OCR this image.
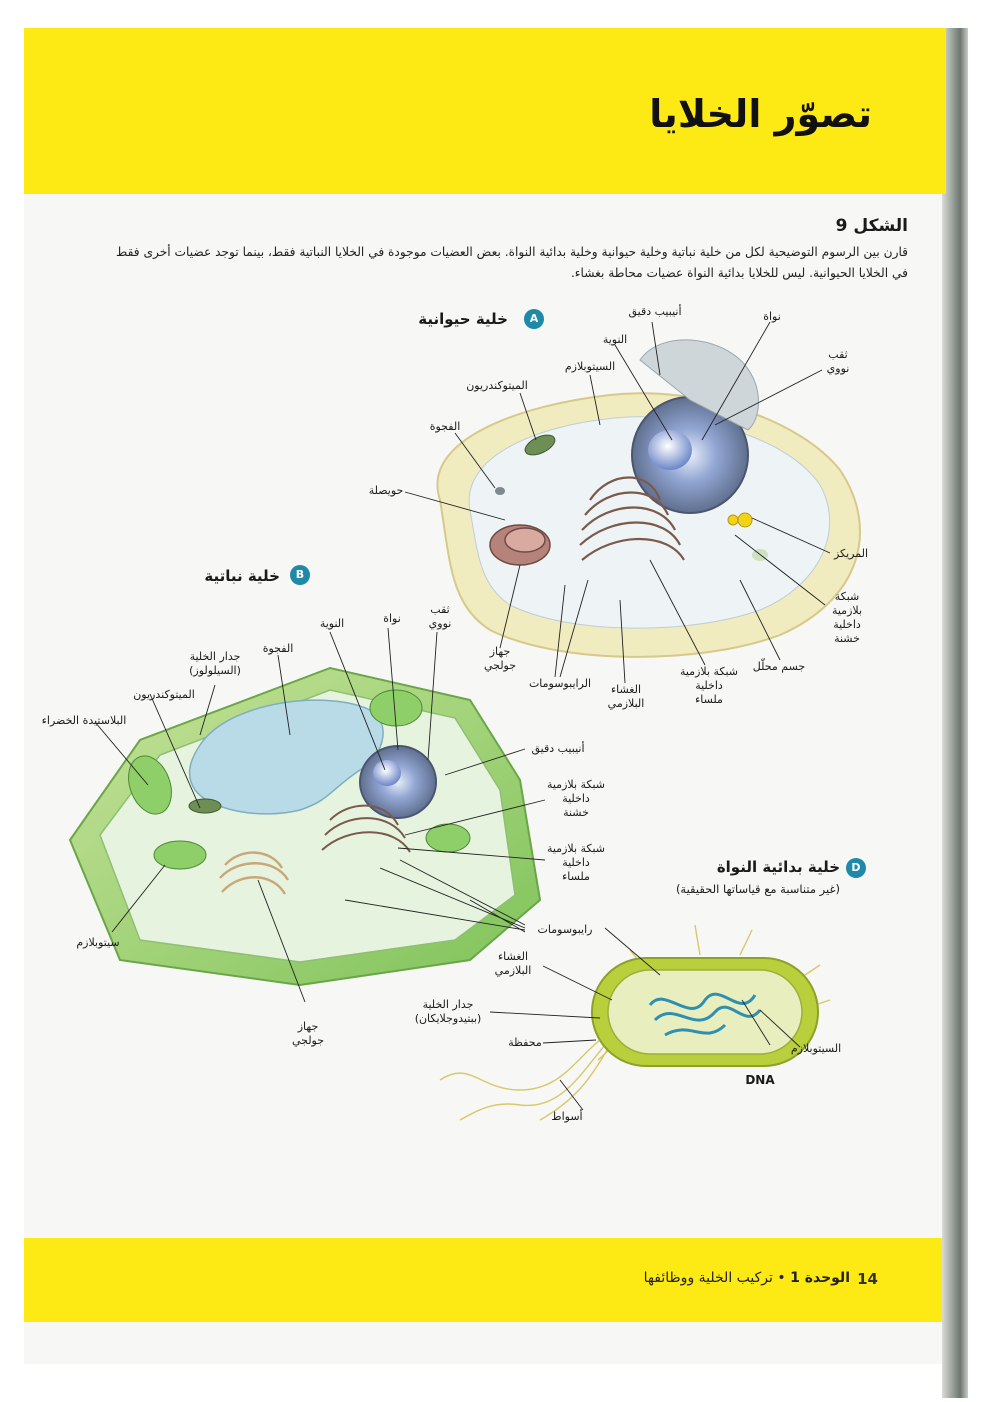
تصوّر الخلايا
الشكل 9
قارن بين الرسوم التوضيحية لكل من خلية نباتية وخلية حيوانية وخلية بدائية النواة. بعض العضيات موجودة في الخلايا النباتية فقط، بينما توجد عضيات أخرى فقط في الخلايا الحيوانية. ليس للخلايا بدائية النواة عضيات محاطة بغشاء.
A
خلية حيوانية	أنيبيب دقيق	نواة
النوية
ثقب
نووي
السيتوبلازم
الميتوكندريون
الفجوة
حويصلة
المريكز
شبكة
بلازمية
داخلية
خشنة
جسم محلّل
جهاز
جولجي
الرايبوسومات	الغشاء
البلازمي
شبكة بلازمية
داخلية
ملساء
B
خلية نباتية
ثقب
نووي
نواة
النوية
الفجوة
جدار الخلية
(السيلولوز)
الميتوكندريون
البلاستيدة الخضراء
أنيبيب دقيق
شبكة بلازمية
داخلية
خشنة
شبكة بلازمية
داخلية
ملساء
رايبوسومات
سيتوبلازم
جهاز
جولجي
D
خلية بدائية النواة
(غير متناسبة مع قياساتها الحقيقية)
الغشاء
البلازمي
جدار الخلية
(ببتيدوجلايكان)
محفظة	السيتوبلازم
DNA
أسواط
14
الوحدة 1 • تركيب الخلية ووظائفها
